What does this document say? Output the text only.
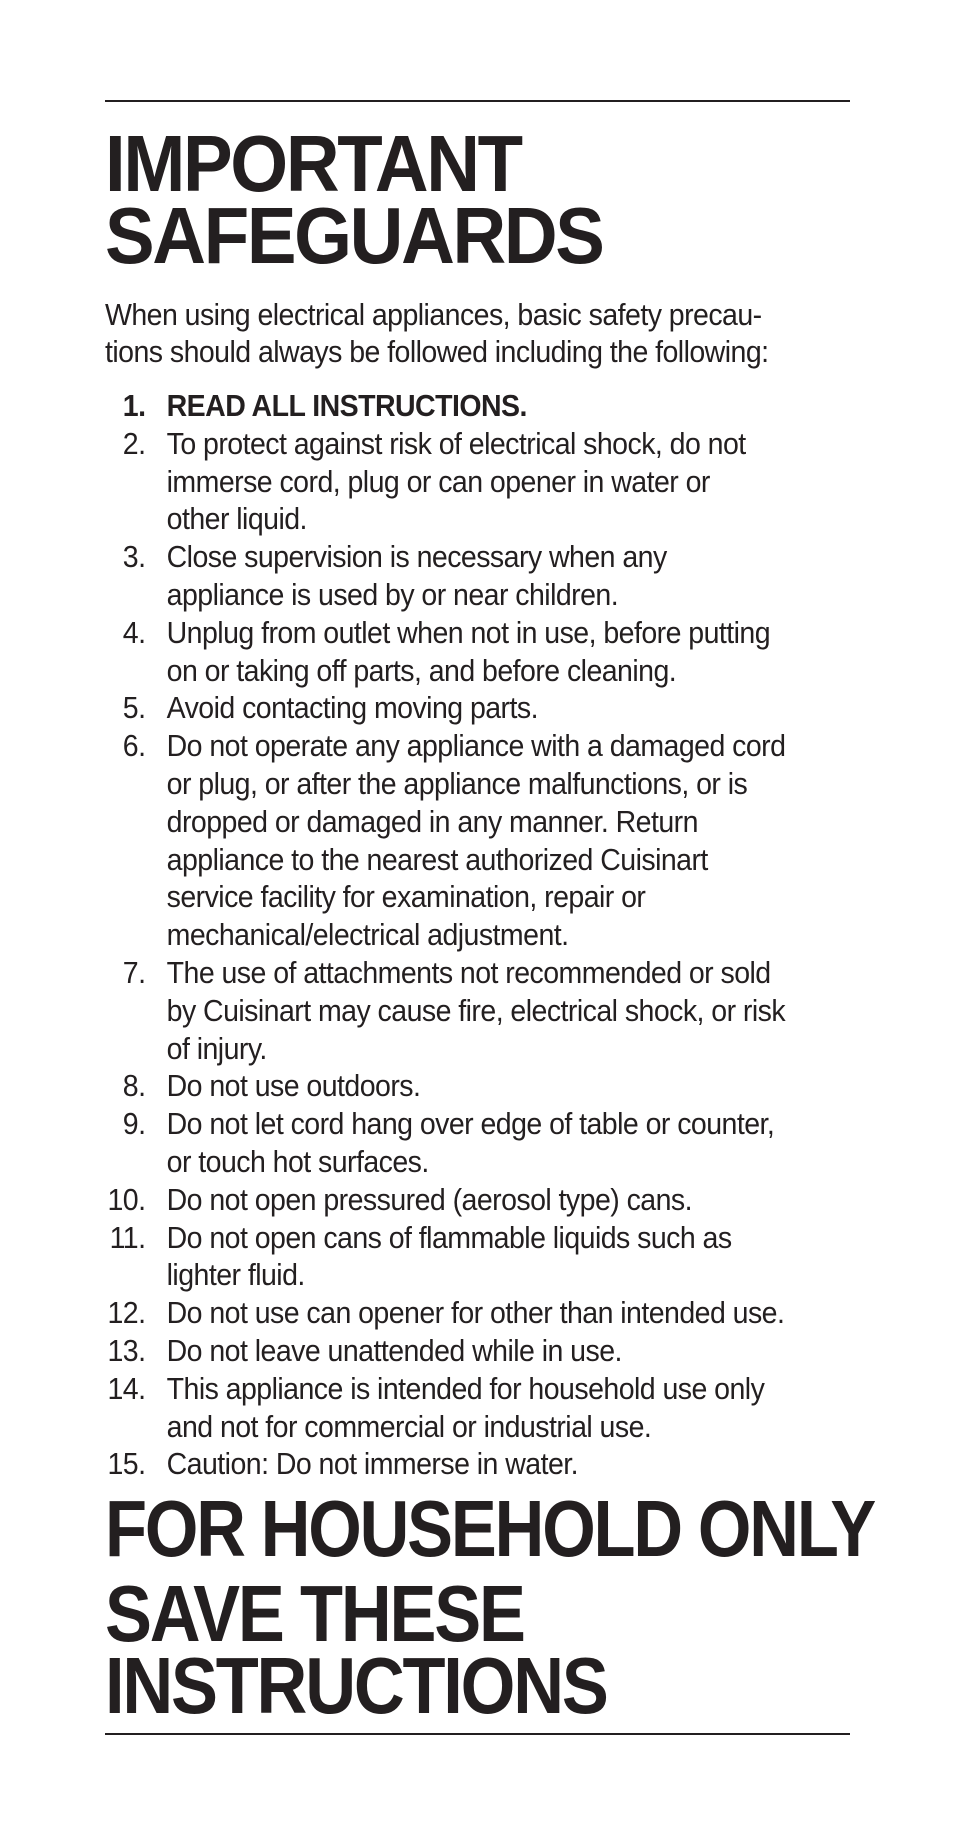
IMPORTANT
SAFEGUARDS

When using electrical appliances, basic safety precau-
tions should always be followed including the following:

1. READ ALL INSTRUCTIONS.
2. To protect against risk of electrical shock, do not
immerse cord, plug or can opener in water or
other liquid.
3. Close supervision is necessary when any
appliance is used by or near children.
4. Unplug from outlet when not in use, before putting
on or taking off parts, and before cleaning.
5. Avoid contacting moving parts.
6. Do not operate any appliance with a damaged cord
or plug, or after the appliance malfunctions, or is
dropped or damaged in any manner. Return
appliance to the nearest authorized Cuisinart
service facility for examination, repair or
mechanical/electrical adjustment.
7. The use of attachments not recommended or sold
by Cuisinart may cause fire, electrical shock, or risk
of injury.
8. Do not use outdoors.
9. Do not let cord hang over edge of table or counter,
or touch hot surfaces.
10. Do not open pressured (aerosol type) cans.
11. Do not open cans of flammable liquids such as
lighter fluid.
12. Do not use can opener for other than intended use.
13. Do not leave unattended while in use.
14. This appliance is intended for household use only
and not for commercial or industrial use.
15. Caution: Do not immerse in water.
FOR HOUSEHOLD ONLY
SAVE THESE
INSTRUCTIONS
